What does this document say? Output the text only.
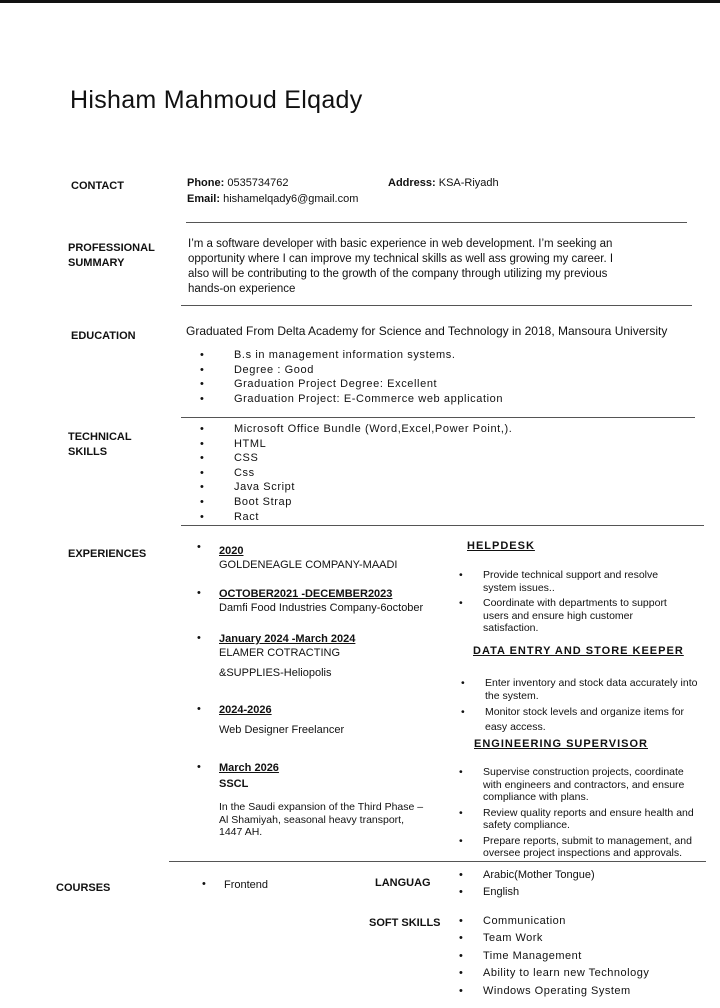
Hisham Mahmoud Elqady
CONTACT	Phone: 0535734762	Address: KSA-Riyadh
Email: hishamelqady6@gmail.com
PROFESSIONAL
SUMMARY
I’m a software developer with basic experience in web development. I’m seeking an
opportunity where I can improve my technical skills as well ass growing my career. I
also will be contributing to the growth of the company through utilizing my previous
hands-on experience
EDUCATION	Graduated From Delta Academy for Science and Technology in 2018, Mansoura University
• B.s in management information systems.
• Degree : Good
• Graduation Project Degree: Excellent
• Graduation Project: E-Commerce web application
TECHNICAL
SKILLS
• Microsoft Office Bundle (Word,Excel,Power Point,).
• HTML
• CSS
• Css
• Java Script
• Boot Strap
• Ract
EXPERIENCES
• 2020
GOLDENEAGLE COMPANY-MAADI
• OCTOBER2021 -DECEMBER2023
Damfi Food Industries Company-6october
• January 2024 -March 2024
ELAMER COTRACTING
&SUPPLIES-Heliopolis
• 2024-2026
Web Designer Freelancer
• March 2026
SSCL
In the Saudi expansion of the Third Phase –
Al Shamiyah, seasonal heavy transport,
1447 AH.
HELPDESK
• Provide technical support and resolve
system issues..
• Coordinate with departments to support
users and ensure high customer
satisfaction.
DATA ENTRY AND STORE KEEPER
• Enter inventory and stock data accurately into
the system.
• Monitor stock levels and organize items for
easy access.
ENGINEERING SUPERVISOR
• Supervise construction projects, coordinate
with engineers and contractors, and ensure
compliance with plans.
• Review quality reports and ensure health and
safety compliance.
• Prepare reports, submit to management, and
oversee project inspections and approvals.
COURSES	• Frontend	LANGUAG
• Arabic(Mother Tongue)
• English
SOFT SKILLS
•	Communication
• Team Work
• Time Management
• Ability to learn new Technology
• Windows Operating System
